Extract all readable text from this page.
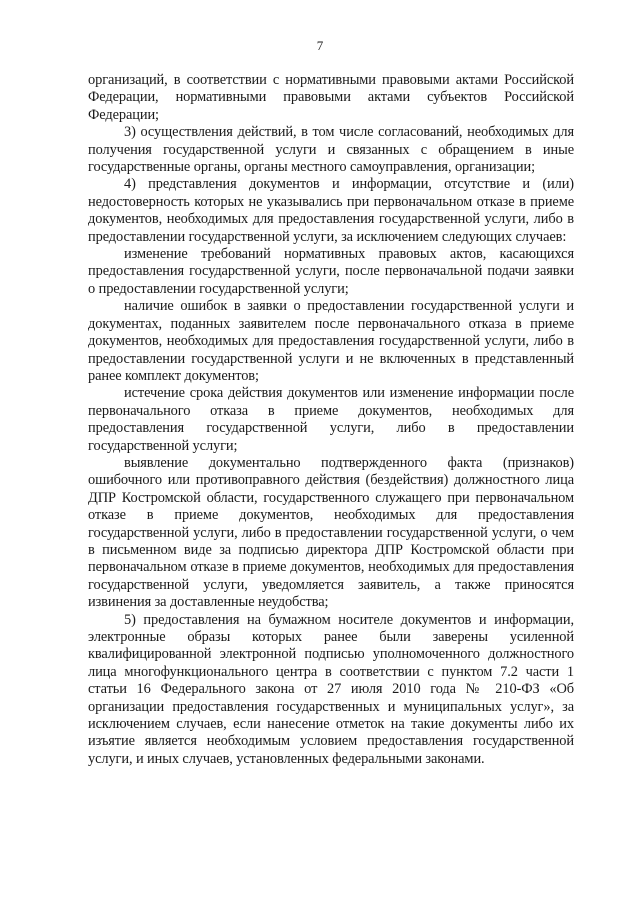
7

организаций, в соответствии с нормативными правовыми актами Российской Федерации, нормативными правовыми актами субъектов Российской Федерации;

3) осуществления действий, в том числе согласований, необходимых для получения государственной услуги и связанных с обращением в иные государственные органы, органы местного самоуправления, организации;

4) представления документов и информации, отсутствие и (или) недостоверность которых не указывались при первоначальном отказе в приеме документов, необходимых для предоставления государственной услуги, либо в предоставлении государственной услуги, за исключением следующих случаев:

изменение требований нормативных правовых актов, касающихся предоставления государственной услуги, после первоначальной подачи заявки о предоставлении государственной услуги;

наличие ошибок в заявки о предоставлении государственной услуги и документах, поданных заявителем после первоначального отказа в приеме документов, необходимых для предоставления государственной услуги, либо в предоставлении государственной услуги и не включенных в представленный ранее комплект документов;

истечение срока действия документов или изменение информации после первоначального отказа в приеме документов, необходимых для предоставления государственной услуги, либо в предоставлении государственной услуги;

выявление документально подтвержденного факта (признаков) ошибочного или противоправного действия (бездействия) должностного лица ДПР Костромской области, государственного служащего при первоначальном отказе в приеме документов, необходимых для предоставления государственной услуги, либо в предоставлении государственной услуги, о чем в письменном виде за подписью директора ДПР Костромской области при первоначальном отказе в приеме документов, необходимых для предоставления государственной услуги, уведомляется заявитель, а также приносятся извинения за доставленные неудобства;

5) предоставления на бумажном носителе документов и информации, электронные образы которых ранее были заверены усиленной квалифицированной электронной подписью уполномоченного должностного лица многофункционального центра в соответствии с пунктом 7.2 части 1 статьи 16 Федерального закона от 27 июля 2010 года № 210-ФЗ «Об организации предоставления государственных и муниципальных услуг», за исключением случаев, если нанесение отметок на такие документы либо их изъятие является необходимым условием предоставления государственной услуги, и иных случаев, установленных федеральными законами.
